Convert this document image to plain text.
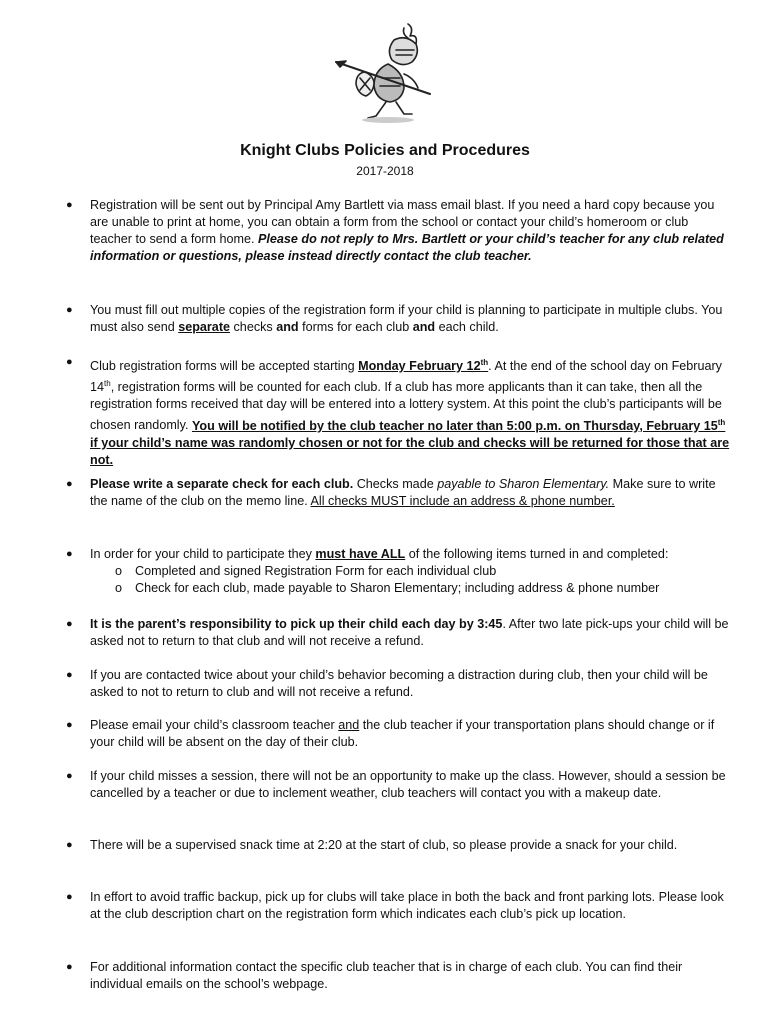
Knight Clubs Policies and Procedures
2017-2018
● Registration will be sent out by Principal Amy Bartlett via mass email blast. If you need a hard copy because you are unable to print at home, you can obtain a form from the school or contact your child’s homeroom or club teacher to send a form home. Please do not reply to Mrs. Bartlett or your child’s teacher for any club related information or questions, please instead directly contact the club teacher.
● You must fill out multiple copies of the registration form if your child is planning to participate in multiple clubs. You must also send separate checks and forms for each club and each child.
● Club registration forms will be accepted starting Monday February 12th. At the end of the school day on February 14th, registration forms will be counted for each club. If a club has more applicants than it can take, then all the registration forms received that day will be entered into a lottery system. At this point the club’s participants will be chosen randomly. You will be notified by the club teacher no later than 5:00 p.m. on Thursday, February 15th if your child’s name was randomly chosen or not for the club and checks will be returned for those that are not.
● Please write a separate check for each club. Checks made payable to Sharon Elementary. Make sure to write the name of the club on the memo line. All checks MUST include an address & phone number.
● In order for your child to participate they must have ALL of the following items turned in and completed:
o Completed and signed Registration Form for each individual club
o Check for each club, made payable to Sharon Elementary; including address & phone number
● It is the parent’s responsibility to pick up their child each day by 3:45. After two late pick-ups your child will be asked not to return to that club and will not receive a refund.
● If you are contacted twice about your child’s behavior becoming a distraction during club, then your child will be asked to not to return to club and will not receive a refund.
● Please email your child’s classroom teacher and the club teacher if your transportation plans should change or if your child will be absent on the day of their club.
● If your child misses a session, there will not be an opportunity to make up the class. However, should a session be cancelled by a teacher or due to inclement weather, club teachers will contact you with a makeup date.
● There will be a supervised snack time at 2:20 at the start of club, so please provide a snack for your child.
● In effort to avoid traffic backup, pick up for clubs will take place in both the back and front parking lots. Please look at the club description chart on the registration form which indicates each club’s pick up location.
● For additional information contact the specific club teacher that is in charge of each club. You can find their individual emails on the school’s webpage.
